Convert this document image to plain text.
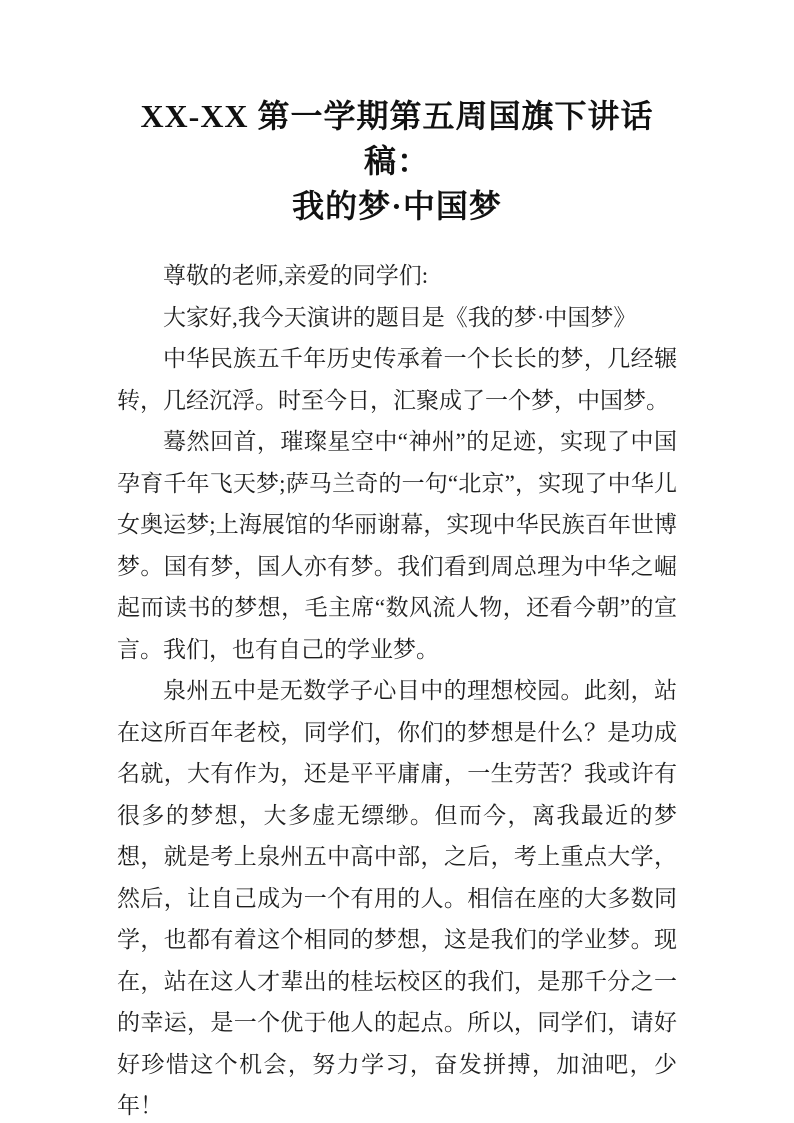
XX-XX 第一学期第五周国旗下讲话稿：
我的梦·中国梦

尊敬的老师,亲爱的同学们:

大家好,我今天演讲的题目是《我的梦·中国梦》

中华民族五千年历史传承着一个长长的梦，几经辗转，几经沉浮。时至今日，汇聚成了一个梦，中国梦。

蓦然回首，璀璨星空中“神州”的足迹，实现了中国孕育千年飞天梦;萨马兰奇的一句“北京”，实现了中华儿女奥运梦;上海展馆的华丽谢幕，实现中华民族百年世博梦。国有梦，国人亦有梦。我们看到周总理为中华之崛起而读书的梦想，毛主席“数风流人物，还看今朝”的宣言。我们，也有自己的学业梦。

泉州五中是无数学子心目中的理想校园。此刻，站在这所百年老校，同学们，你们的梦想是什么？是功成名就，大有作为，还是平平庸庸，一生劳苦？我或许有很多的梦想，大多虚无缥缈。但而今，离我最近的梦想，就是考上泉州五中高中部，之后，考上重点大学，然后，让自己成为一个有用的人。相信在座的大多数同学，也都有着这个相同的梦想，这是我们的学业梦。现在，站在这人才辈出的桂坛校区的我们，是那千分之一的幸运，是一个优于他人的起点。所以，同学们，请好好珍惜这个机会，努力学习，奋发拼搏，加油吧，少年！
